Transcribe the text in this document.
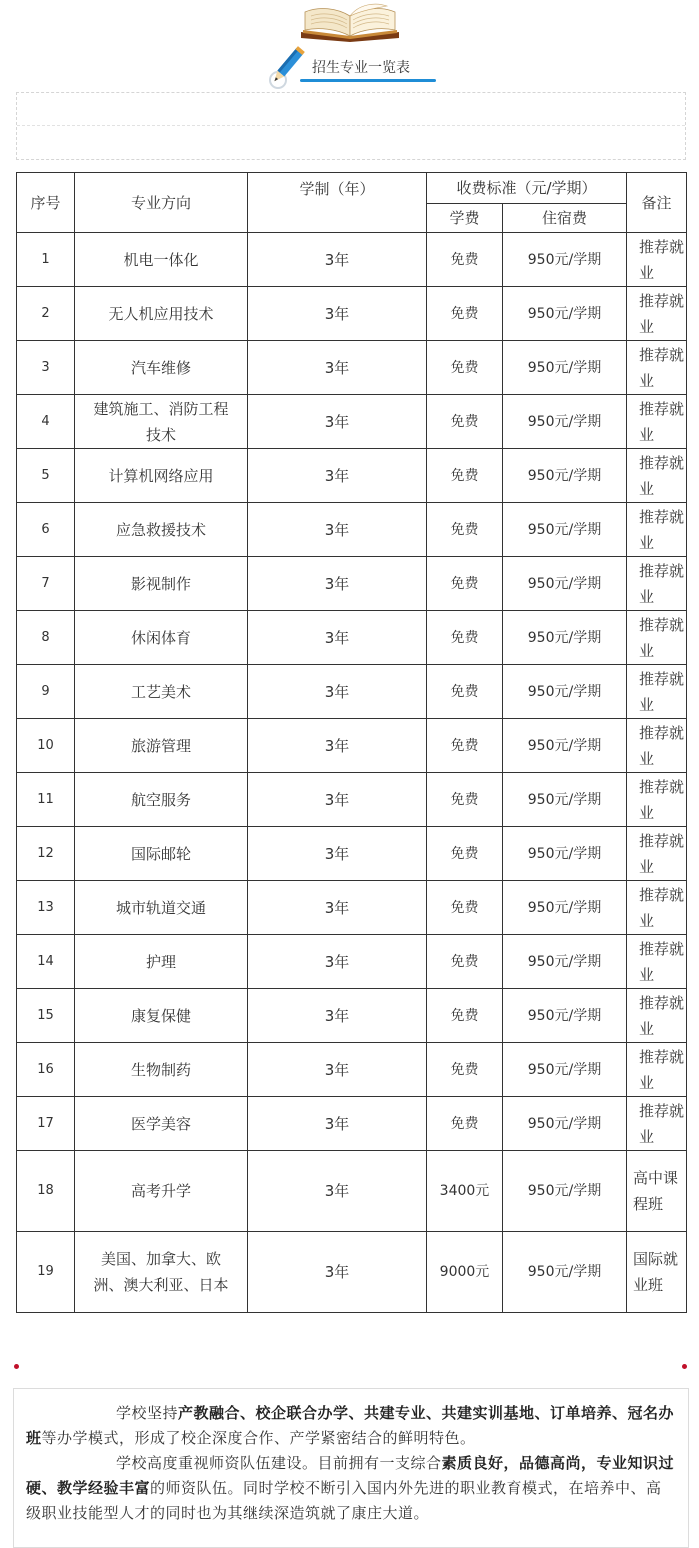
招生专业一览表
序号	专业方向	学制（年）	收费标准（元/学期）		备注
			学费	住宿费	
1	机电一体化	3年	免费	950元/学期	推荐就业
2	无人机应用技术	3年	免费	950元/学期	推荐就业
3	汽车维修	3年	免费	950元/学期	推荐就业
4	建筑施工、消防工程技术	3年	免费	950元/学期	推荐就业
5	计算机网络应用	3年	免费	950元/学期	推荐就业
6	应急救援技术	3年	免费	950元/学期	推荐就业
7	影视制作	3年	免费	950元/学期	推荐就业
8	休闲体育	3年	免费	950元/学期	推荐就业
9	工艺美术	3年	免费	950元/学期	推荐就业
10	旅游管理	3年	免费	950元/学期	推荐就业
11	航空服务	3年	免费	950元/学期	推荐就业
12	国际邮轮	3年	免费	950元/学期	推荐就业
13	城市轨道交通	3年	免费	950元/学期	推荐就业
14	护理	3年	免费	950元/学期	推荐就业
15	康复保健	3年	免费	950元/学期	推荐就业
16	生物制药	3年	免费	950元/学期	推荐就业
17	医学美容	3年	免费	950元/学期	推荐就业
18	高考升学	3年	3400元	950元/学期	高中课程班
19	美国、加拿大、欧洲、澳大利亚、日本	3年	9000元	950元/学期	国际就业班

学校坚持产教融合、校企联合办学、共建专业、共建实训基地、订单培养、冠名办班等办学模式，形成了校企深度合作、产学紧密结合的鲜明特色。

学校高度重视师资队伍建设。目前拥有一支综合素质良好，品德高尚，专业知识过硬、教学经验丰富的师资队伍。同时学校不断引入国内外先进的职业教育模式，在培养中、高级职业技能型人才的同时也为其继续深造筑就了康庄大道。
